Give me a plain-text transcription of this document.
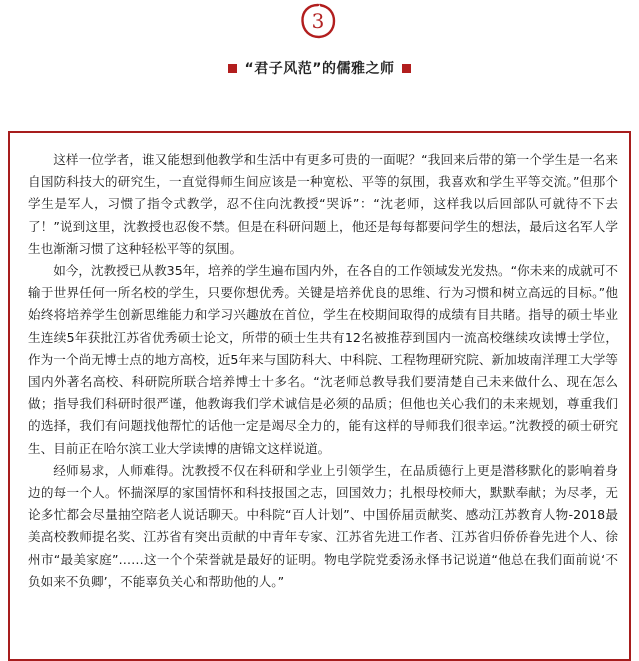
3
“君子风范”的儒雅之师

这样一位学者，谁又能想到他教学和生活中有更多可贵的一面呢？“我回来后带的第一个学生是一名来自国防科技大的研究生，一直觉得师生间应该是一种宽松、平等的氛围，我喜欢和学生平等交流。”但那个学生是军人，习惯了指令式教学，忍不住向沈教授“哭诉”：“沈老师，这样我以后回部队可就待不下去了！”说到这里，沈教授也忍俊不禁。但是在科研问题上，他还是每每都要问学生的想法，最后这名军人学生也渐渐习惯了这种轻松平等的氛围。

如今，沈教授已从教35年，培养的学生遍布国内外，在各自的工作领域发光发热。“你未来的成就可不输于世界任何一所名校的学生，只要你想优秀。关键是培养优良的思维、行为习惯和树立高远的目标。”他始终将培养学生创新思维能力和学习兴趣放在首位，学生在校期间取得的成绩有目共睹。指导的硕士毕业生连续5年获批江苏省优秀硕士论文，所带的硕士生共有12名被推荐到国内一流高校继续攻读博士学位，作为一个尚无博士点的地方高校，近5年来与国防科大、中科院、工程物理研究院、新加坡南洋理工大学等国内外著名高校、科研院所联合培养博士十多名。“沈老师总教导我们要清楚自己未来做什么、现在怎么做；指导我们科研时很严谨，他教诲我们学术诚信是必须的品质；但他也关心我们的未来规划，尊重我们的选择，我们有问题找他帮忙的话他一定是竭尽全力的，能有这样的导师我们很幸运。”沈教授的硕士研究生、目前正在哈尔滨工业大学读博的唐锦文这样说道。

经师易求，人师难得。沈教授不仅在科研和学业上引领学生，在品质德行上更是潜移默化的影响着身边的每一个人。怀揣深厚的家国情怀和科技报国之志，回国效力；扎根母校师大，默默奉献；为尽孝，无论多忙都会尽量抽空陪老人说话聊天。中科院“百人计划”、中国侨届贡献奖、感动江苏教育人物-2018最美高校教师提名奖、江苏省有突出贡献的中青年专家、江苏省先进工作者、江苏省归侨侨眷先进个人、徐州市“最美家庭”……这一个个荣誉就是最好的证明。物电学院党委汤永怿书记说道“他总在我们面前说‘不负如来不负卿’，不能辜负关心和帮助他的人。”
